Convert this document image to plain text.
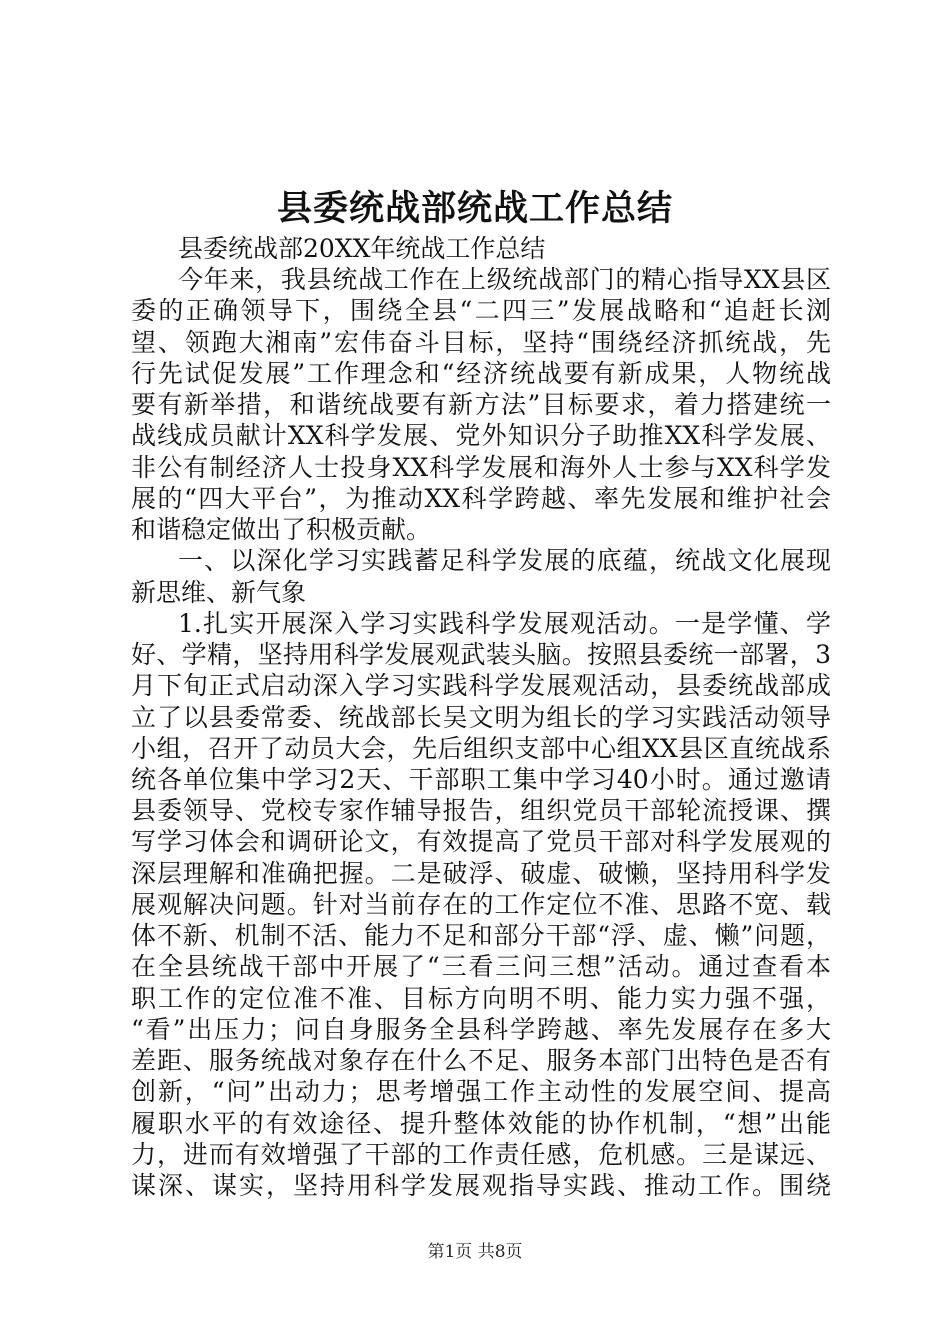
县委统战部统战工作总结
县委统战部20XX年统战工作总结
今年来，我县统战工作在上级统战部门的精心指导XX县区
委的正确领导下，围绕全县“二四三”发展战略和“追赶长浏
望、领跑大湘南”宏伟奋斗目标，坚持“围绕经济抓统战，先
行先试促发展”工作理念和“经济统战要有新成果，人物统战
要有新举措，和谐统战要有新方法”目标要求，着力搭建统一
战线成员献计XX科学发展、党外知识分子助推XX科学发展、
非公有制经济人士投身XX科学发展和海外人士参与XX科学发
展的“四大平台”，为推动XX科学跨越、率先发展和维护社会
和谐稳定做出了积极贡献。
一、以深化学习实践蓄足科学发展的底蕴，统战文化展现
新思维、新气象
1.扎实开展深入学习实践科学发展观活动。一是学懂、学
好、学精，坚持用科学发展观武装头脑。按照县委统一部署，3
月下旬正式启动深入学习实践科学发展观活动，县委统战部成
立了以县委常委、统战部长吴文明为组长的学习实践活动领导
小组，召开了动员大会，先后组织支部中心组XX县区直统战系
统各单位集中学习2天、干部职工集中学习40小时。通过邀请
县委领导、党校专家作辅导报告，组织党员干部轮流授课、撰
写学习体会和调研论文，有效提高了党员干部对科学发展观的
深层理解和准确把握。二是破浮、破虚、破懒，坚持用科学发
展观解决问题。针对当前存在的工作定位不准、思路不宽、载
体不新、机制不活、能力不足和部分干部“浮、虚、懒”问题，
在全县统战干部中开展了“三看三问三想”活动。通过查看本
职工作的定位准不准、目标方向明不明、能力实力强不强，
“看”出压力；问自身服务全县科学跨越、率先发展存在多大
差距、服务统战对象存在什么不足、服务本部门出特色是否有
创新，“问”出动力；思考增强工作主动性的发展空间、提高
履职水平的有效途径、提升整体效能的协作机制，“想”出能
力，进而有效增强了干部的工作责任感，危机感。三是谋远、
谋深、谋实，坚持用科学发展观指导实践、推动工作。围绕
第1页 共8页
